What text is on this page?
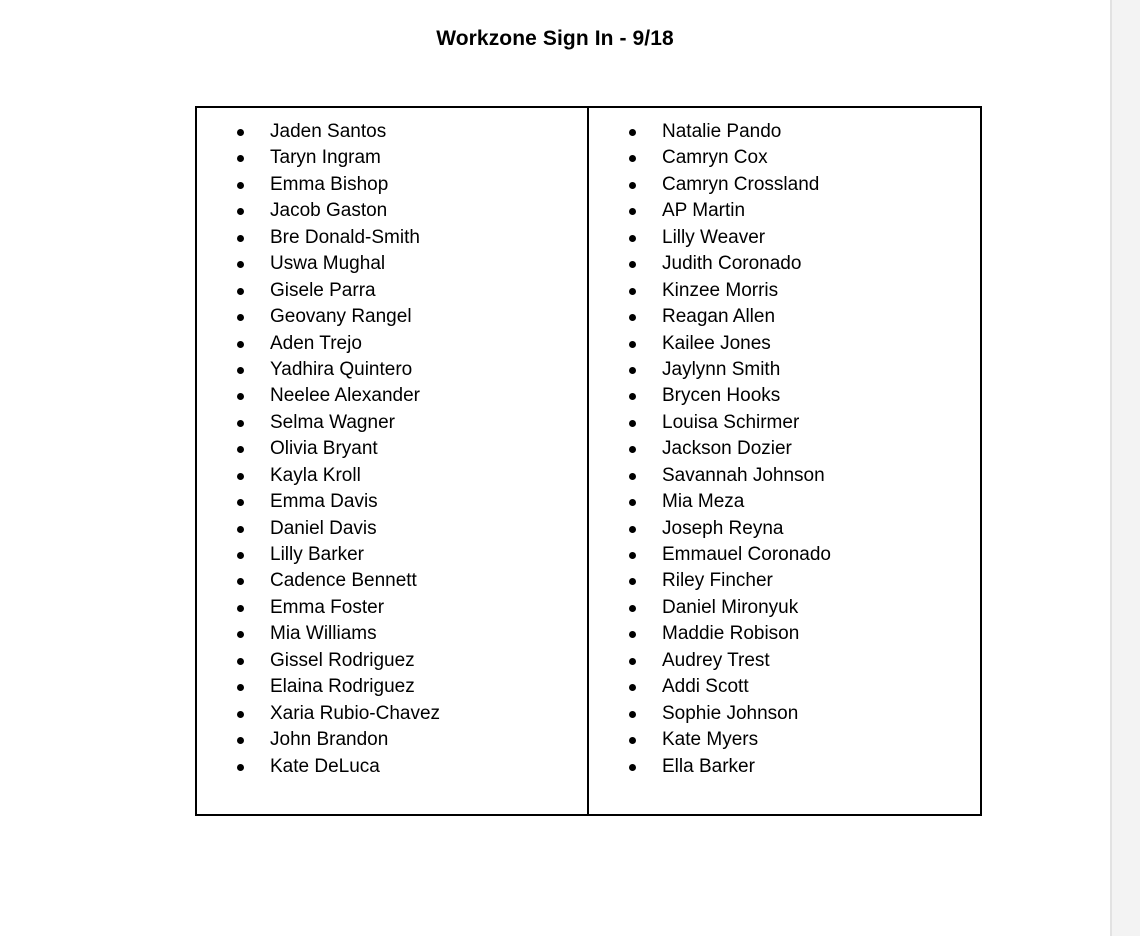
Workzone Sign In - 9/18
Jaden Santos
Taryn Ingram
Emma Bishop
Jacob Gaston
Bre Donald-Smith
Uswa Mughal
Gisele Parra
Geovany Rangel
Aden Trejo
Yadhira Quintero
Neelee Alexander
Selma Wagner
Olivia Bryant
Kayla Kroll
Emma Davis
Daniel Davis
Lilly Barker
Cadence Bennett
Emma Foster
Mia Williams
Gissel Rodriguez
Elaina Rodriguez
Xaria Rubio-Chavez
John Brandon
Kate DeLuca
Natalie Pando
Camryn Cox
Camryn Crossland
AP Martin
Lilly Weaver
Judith Coronado
Kinzee Morris
Reagan Allen
Kailee Jones
Jaylynn Smith
Brycen Hooks
Louisa Schirmer
Jackson Dozier
Savannah Johnson
Mia Meza
Joseph Reyna
Emmauel Coronado
Riley Fincher
Daniel Mironyuk
Maddie Robison
Audrey Trest
Addi Scott
Sophie Johnson
Kate Myers
Ella Barker
